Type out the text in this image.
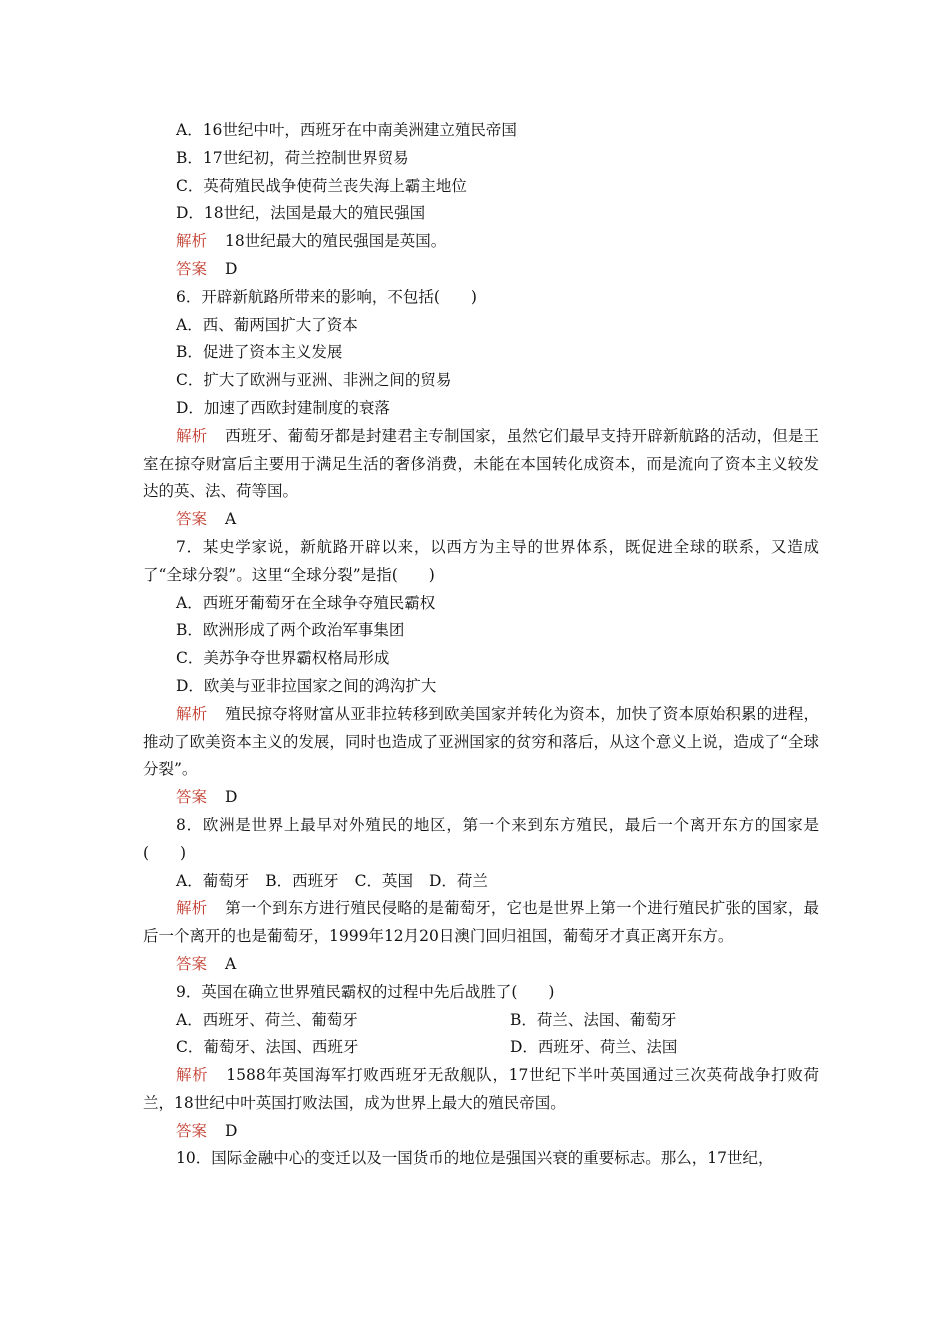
A．16世纪中叶，西班牙在中南美洲建立殖民帝国
B．17世纪初，荷兰控制世界贸易
C．英荷殖民战争使荷兰丧失海上霸主地位
D．18世纪，法国是最大的殖民强国
解析 18世纪最大的殖民强国是英国。
答案 D
6．开辟新航路所带来的影响，不包括(　　)
A．西、葡两国扩大了资本
B．促进了资本主义发展
C．扩大了欧洲与亚洲、非洲之间的贸易
D．加速了西欧封建制度的衰落
解析 西班牙、葡萄牙都是封建君主专制国家，虽然它们最早支持开辟新航路的活动，但是王室在掠夺财富后主要用于满足生活的奢侈消费，未能在本国转化成资本，而是流向了资本主义较发达的英、法、荷等国。
答案 A
7．某史学家说，新航路开辟以来，以西方为主导的世界体系，既促进全球的联系，又造成了“全球分裂”。这里“全球分裂”是指(　　)
A．西班牙葡萄牙在全球争夺殖民霸权
B．欧洲形成了两个政治军事集团
C．美苏争夺世界霸权格局形成
D．欧美与亚非拉国家之间的鸿沟扩大
解析 殖民掠夺将财富从亚非拉转移到欧美国家并转化为资本，加快了资本原始积累的进程，推动了欧美资本主义的发展，同时也造成了亚洲国家的贫穷和落后，从这个意义上说，造成了“全球分裂”。
答案 D
8．欧洲是世界上最早对外殖民的地区，第一个来到东方殖民，最后一个离开东方的国家是(　　)
A．葡萄牙 B．西班牙 C．英国 D．荷兰
解析 第一个到东方进行殖民侵略的是葡萄牙，它也是世界上第一个进行殖民扩张的国家，最后一个离开的也是葡萄牙，1999年12月20日澳门回归祖国，葡萄牙才真正离开东方。
答案 A
9．英国在确立世界殖民霸权的过程中先后战胜了(　　)
A．西班牙、荷兰、葡萄牙	B．荷兰、法国、葡萄牙
C．葡萄牙、法国、西班牙	D．西班牙、荷兰、法国
解析 1588年英国海军打败西班牙无敌舰队，17世纪下半叶英国通过三次英荷战争打败荷兰，18世纪中叶英国打败法国，成为世界上最大的殖民帝国。
答案 D
10．国际金融中心的变迁以及一国货币的地位是强国兴衰的重要标志。那么，17世纪，
